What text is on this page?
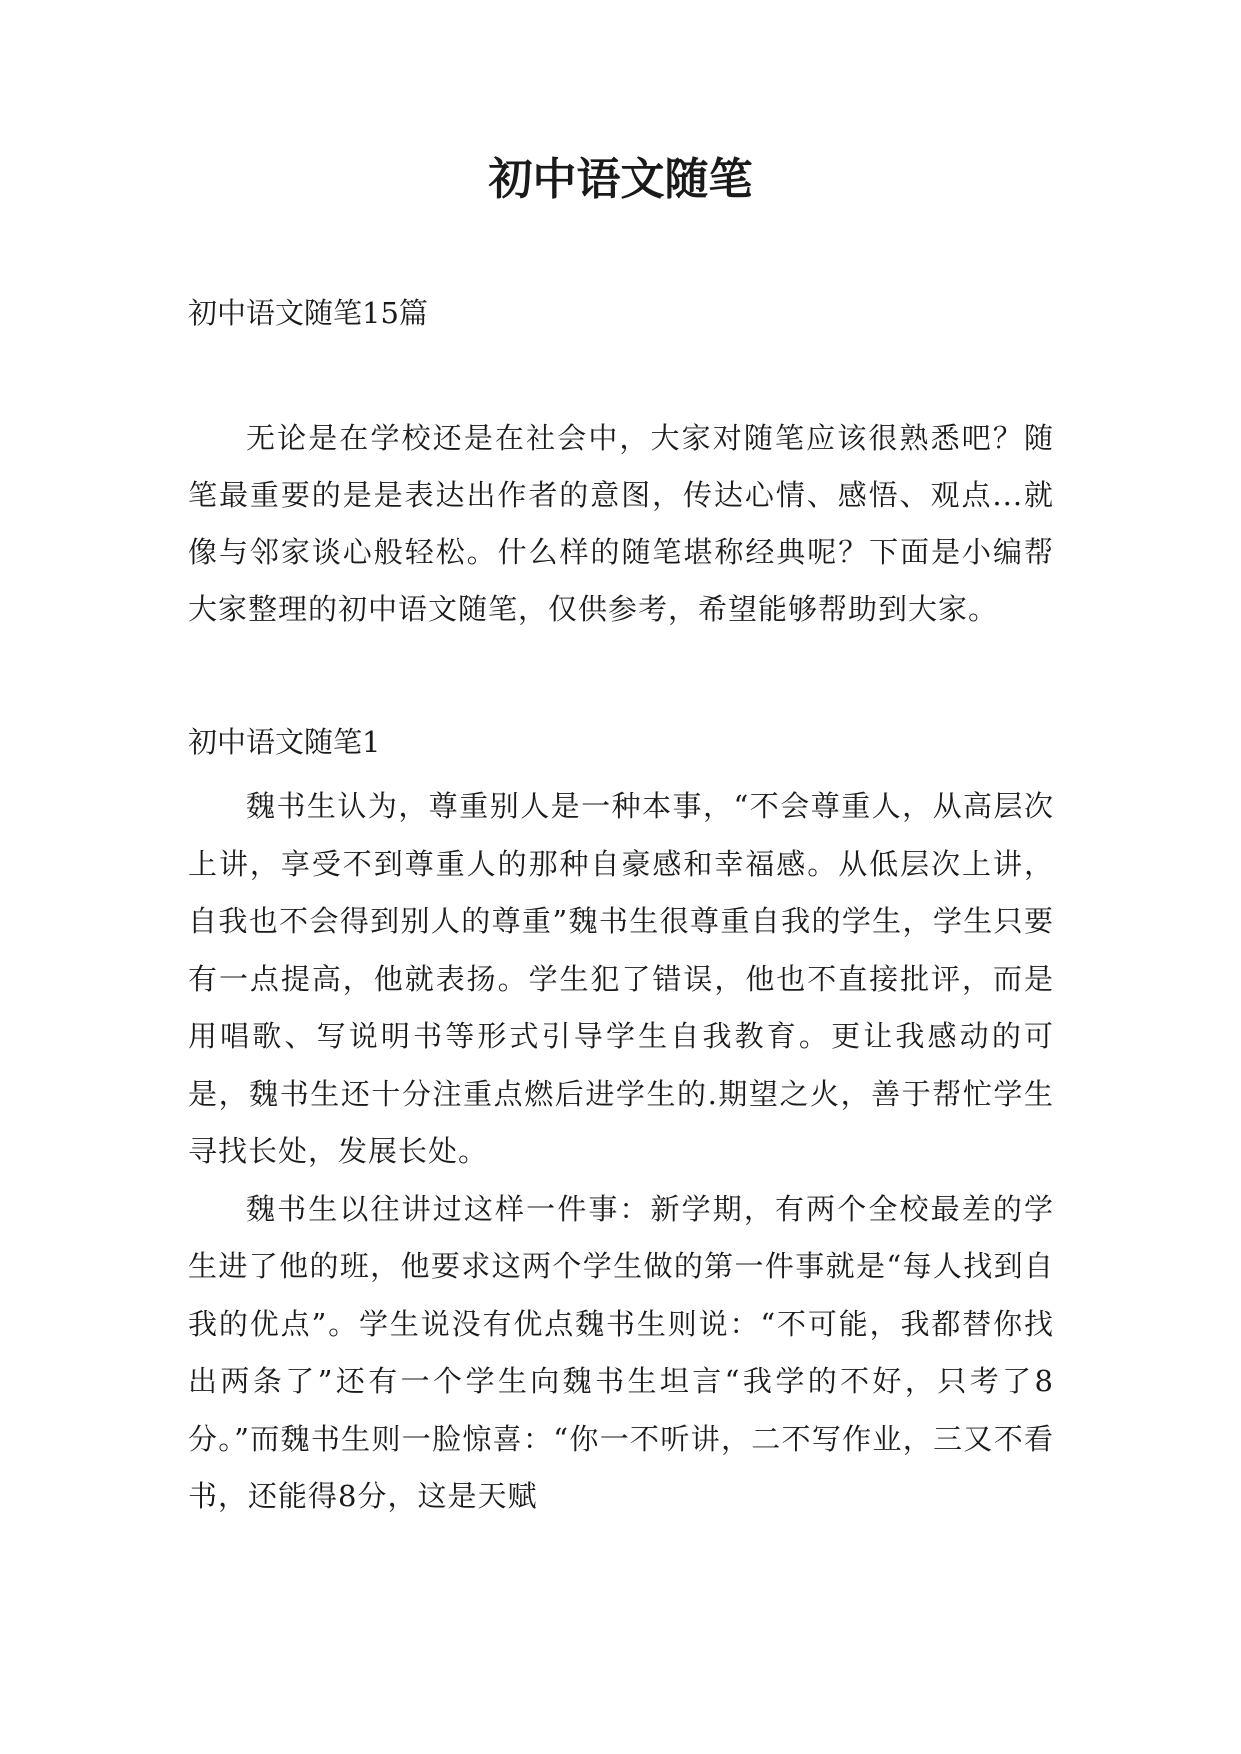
初中语文随笔

初中语文随笔15篇

无论是在学校还是在社会中，大家对随笔应该很熟悉吧？随笔最重要的是是表达出作者的意图，传达心情、感悟、观点...就像与邻家谈心般轻松。什么样的随笔堪称经典呢？下面是小编帮大家整理的初中语文随笔，仅供参考，希望能够帮助到大家。

初中语文随笔1

魏书生认为，尊重别人是一种本事，“不会尊重人，从高层次上讲，享受不到尊重人的那种自豪感和幸福感。从低层次上讲，自我也不会得到别人的尊重”魏书生很尊重自我的学生，学生只要有一点提高，他就表扬。学生犯了错误，他也不直接批评，而是用唱歌、写说明书等形式引导学生自我教育。更让我感动的可是，魏书生还十分注重点燃后进学生的.期望之火，善于帮忙学生寻找长处，发展长处。

魏书生以往讲过这样一件事：新学期，有两个全校最差的学生进了他的班，他要求这两个学生做的第一件事就是“每人找到自我的优点”。学生说没有优点魏书生则说：“不可能，我都替你找出两条了”还有一个学生向魏书生坦言“我学的不好，只考了8分。”而魏书生则一脸惊喜：“你一不听讲，二不写作业，三又不看书，还能得8分，这是天赋
